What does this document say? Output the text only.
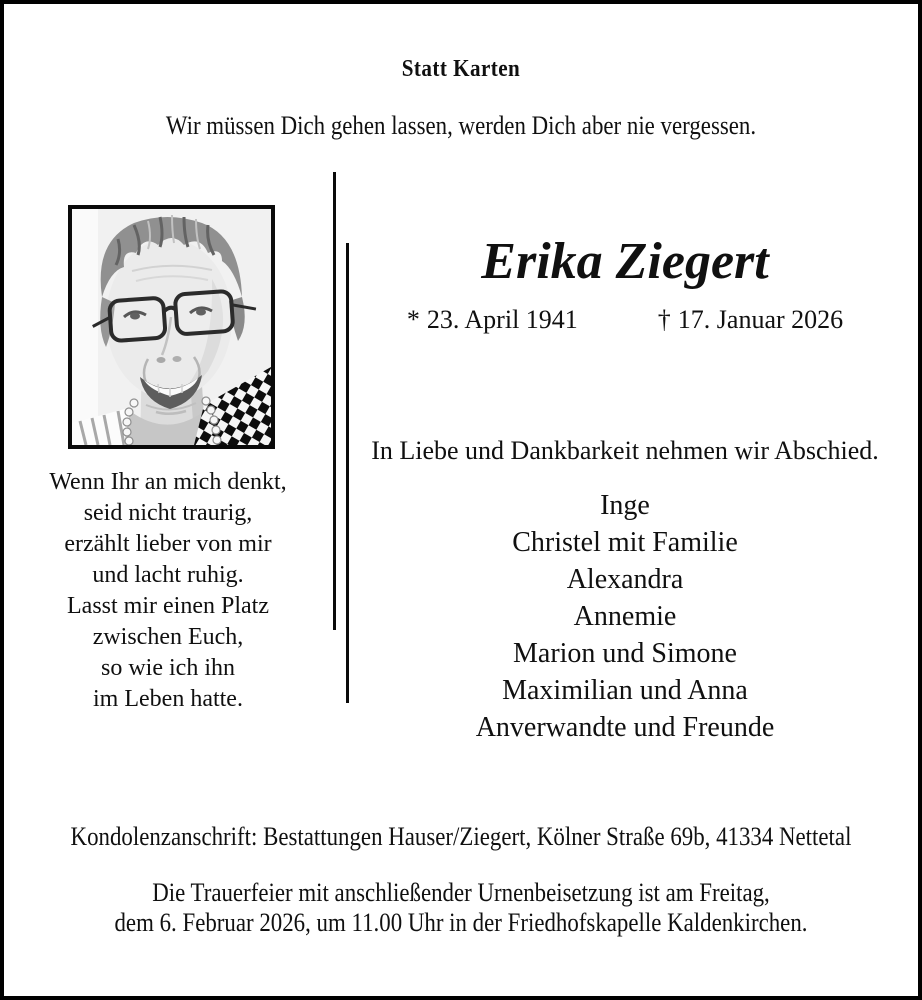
Statt Karten
Wir müssen Dich gehen lassen, werden Dich aber nie vergessen.
Wenn Ihr an mich denkt,
seid nicht traurig,
erzählt lieber von mir
und lacht ruhig.
Lasst mir einen Platz
zwischen Euch,
so wie ich ihn
im Leben hatte.
Erika Ziegert
* 23. April 1941	† 17. Januar 2026
In Liebe und Dankbarkeit nehmen wir Abschied.
Inge
Christel mit Familie
Alexandra
Annemie
Marion und Simone
Maximilian und Anna
Anverwandte und Freunde
Kondolenzanschrift: Bestattungen Hauser/Ziegert, Kölner Straße 69b, 41334 Nettetal
Die Trauerfeier mit anschließender Urnenbeisetzung ist am Freitag,
dem 6. Februar 2026, um 11.00 Uhr in der Friedhofskapelle Kaldenkirchen.
